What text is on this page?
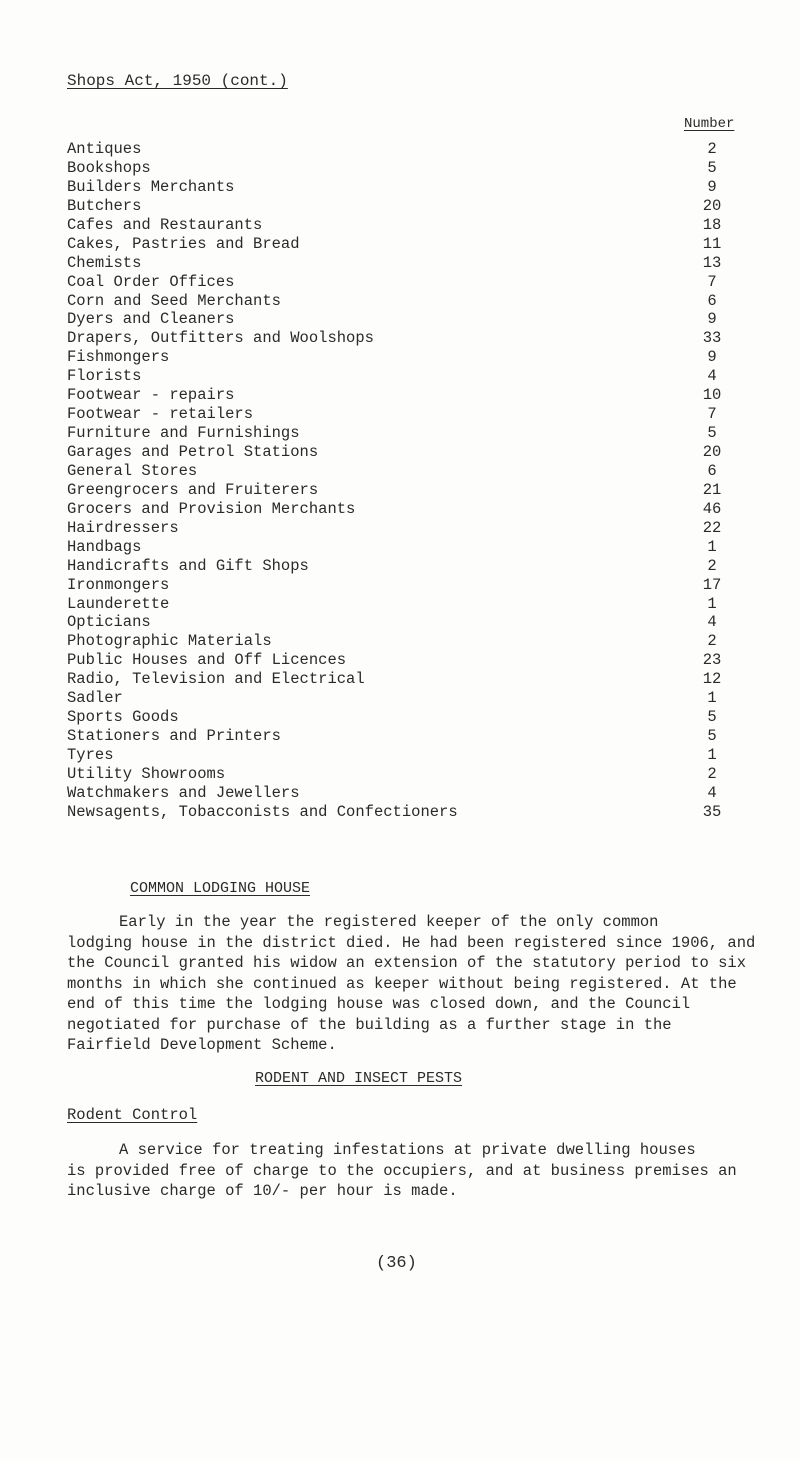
Shops Act, 1950 (cont.)
Number
Antiques	2
Bookshops	5
Builders Merchants	9
Butchers	20
Cafes and Restaurants	18
Cakes, Pastries and Bread	11
Chemists	13
Coal Order Offices	7
Corn and Seed Merchants	6
Dyers and Cleaners	9
Drapers, Outfitters and Woolshops	33
Fishmongers	9
Florists	4
Footwear - repairs	10
Footwear - retailers	7
Furniture and Furnishings	5
Garages and Petrol Stations	20
General Stores	6
Greengrocers and Fruiterers	21
Grocers and Provision Merchants	46
Hairdressers	22
Handbags	1
Handicrafts and Gift Shops	2
Ironmongers	17
Launderette	1
Opticians	4
Photographic Materials	2
Public Houses and Off Licences	23
Radio, Television and Electrical	12
Sadler	1
Sports Goods	5
Stationers and Printers	5
Tyres	1
Utility Showrooms	2
Watchmakers and Jewellers	4
Newsagents, Tobacconists and Confectioners	35
COMMON LODGING HOUSE
Early in the year the registered keeper of the only common
lodging house in the district died. He had been registered since 1906, and the Council granted his widow an extension of the statutory period to six months in which she continued as keeper without being registered. At the end of this time the lodging house was closed down, and the Council negotiated for purchase of the building as a further stage in the Fairfield Development Scheme.
RODENT AND INSECT PESTS
Rodent Control
A service for treating infestations at private dwelling houses
is provided free of charge to the occupiers, and at business premises an inclusive charge of 10/- per hour is made.
(36)
